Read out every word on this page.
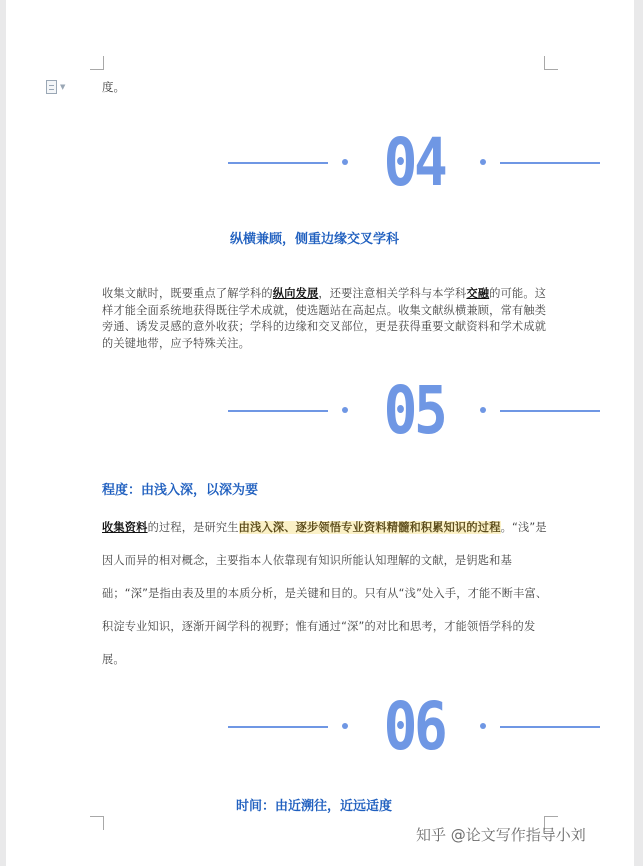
▼	度。
04
纵横兼顾，侧重边缘交叉学科
收集文献时，既要重点了解学科的纵向发展，还要注意相关学科与本学科交融的可能。这样才能全面系统地获得既往学术成就，使选题站在高起点。收集文献纵横兼顾，常有触类旁通、诱发灵感的意外收获；学科的边缘和交叉部位，更是获得重要文献资料和学术成就的关键地带，应予特殊关注。
05
程度：由浅入深，以深为要
收集资料的过程，是研究生由浅入深、逐步领悟专业资料精髓和积累知识的过程。“浅”是因人而异的相对概念，主要指本人依靠现有知识所能认知理解的文献，是钥匙和基础；“深”是指由表及里的本质分析，是关键和目的。只有从“浅”处入手，才能不断丰富、积淀专业知识，逐渐开阔学科的视野；惟有通过“深”的对比和思考，才能领悟学科的发展。
06
时间：由近溯往，近远适度
知乎 @论文写作指导小刘
